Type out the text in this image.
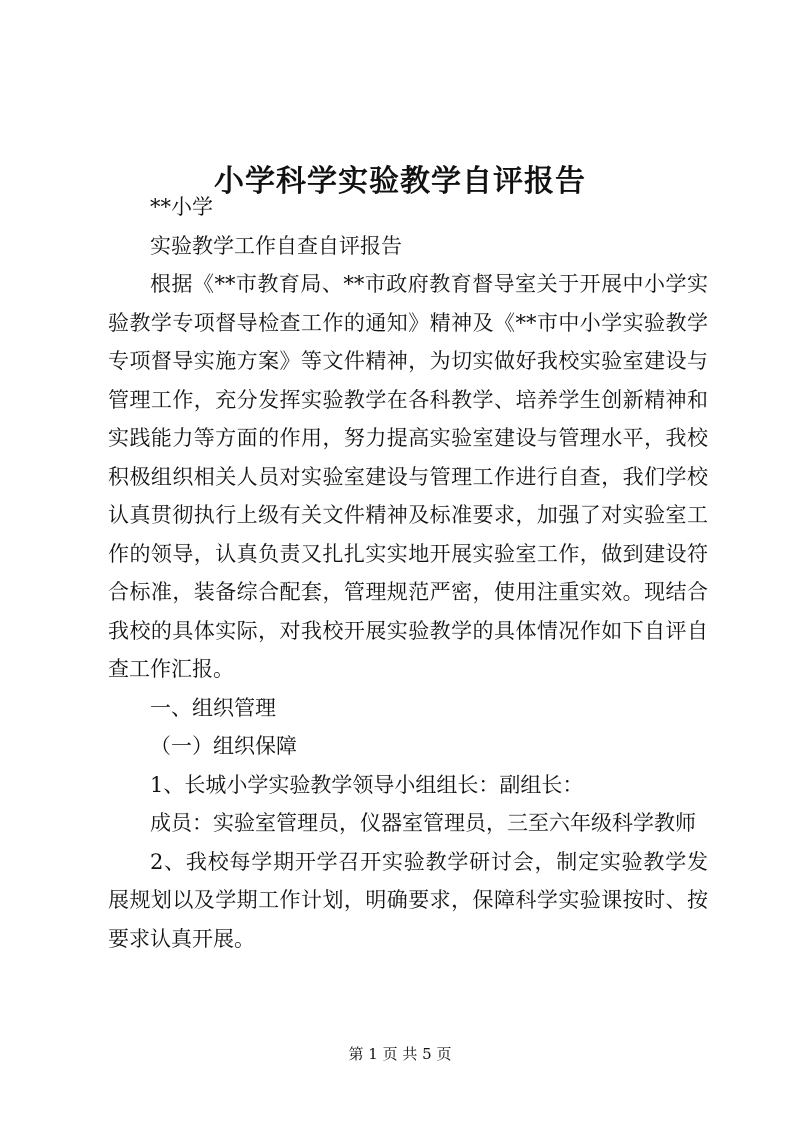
小学科学实验教学自评报告

**小学

实验教学工作自查自评报告

根据《**市教育局、**市政府教育督导室关于开展中小学实验教学专项督导检查工作的通知》精神及《**市中小学实验教学专项督导实施方案》等文件精神，为切实做好我校实验室建设与管理工作，充分发挥实验教学在各科教学、培养学生创新精神和实践能力等方面的作用，努力提高实验室建设与管理水平，我校积极组织相关人员对实验室建设与管理工作进行自查，我们学校认真贯彻执行上级有关文件精神及标准要求，加强了对实验室工作的领导，认真负责又扎扎实实地开展实验室工作，做到建设符合标准，装备综合配套，管理规范严密，使用注重实效。现结合我校的具体实际，对我校开展实验教学的具体情况作如下自评自查工作汇报。

一、组织管理

（一）组织保障

1、长城小学实验教学领导小组组长：副组长：

成员：实验室管理员，仪器室管理员，三至六年级科学教师

2、我校每学期开学召开实验教学研讨会，制定实验教学发展规划以及学期工作计划，明确要求，保障科学实验课按时、按要求认真开展。

第 1 页 共 5 页
